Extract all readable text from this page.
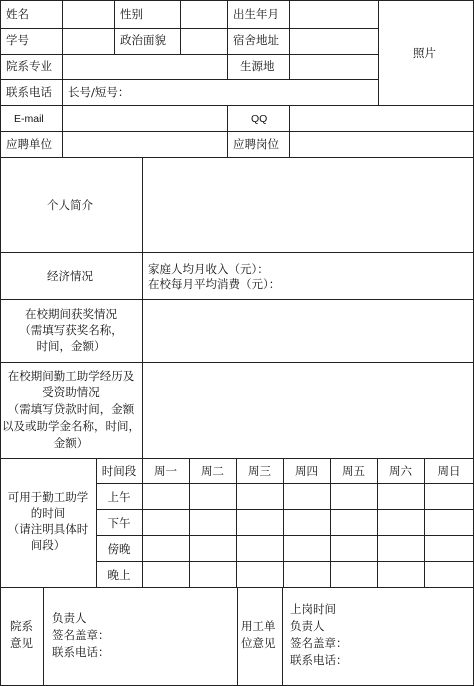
姓名	性别	出生年月
学号	政治面貌	宿舍地址
照片
院系专业	生源地
联系电话 长号/短号：
E-mail	QQ
应聘单位	应聘岗位
个人简介
经济情况	家庭人均月收入（元）：
在校每月平均消费（元）：
在校期间获奖情况
（需填写获奖名称，
时间，金额）
在校期间勤工助学经历及
受资助情况
（需填写贷款时间，金额
以及或助学金名称，时间，
金额）
可用于勤工助学
的时间
（请注明具体时
间段）
时间段	周一	周二	周三	周四	周五	周六	周日
上午
下午
傍晚
晚上
院系
意见
负责人
签名盖章：
联系电话：
用工单
位意见
上岗时间
负责人
签名盖章：
联系电话：
